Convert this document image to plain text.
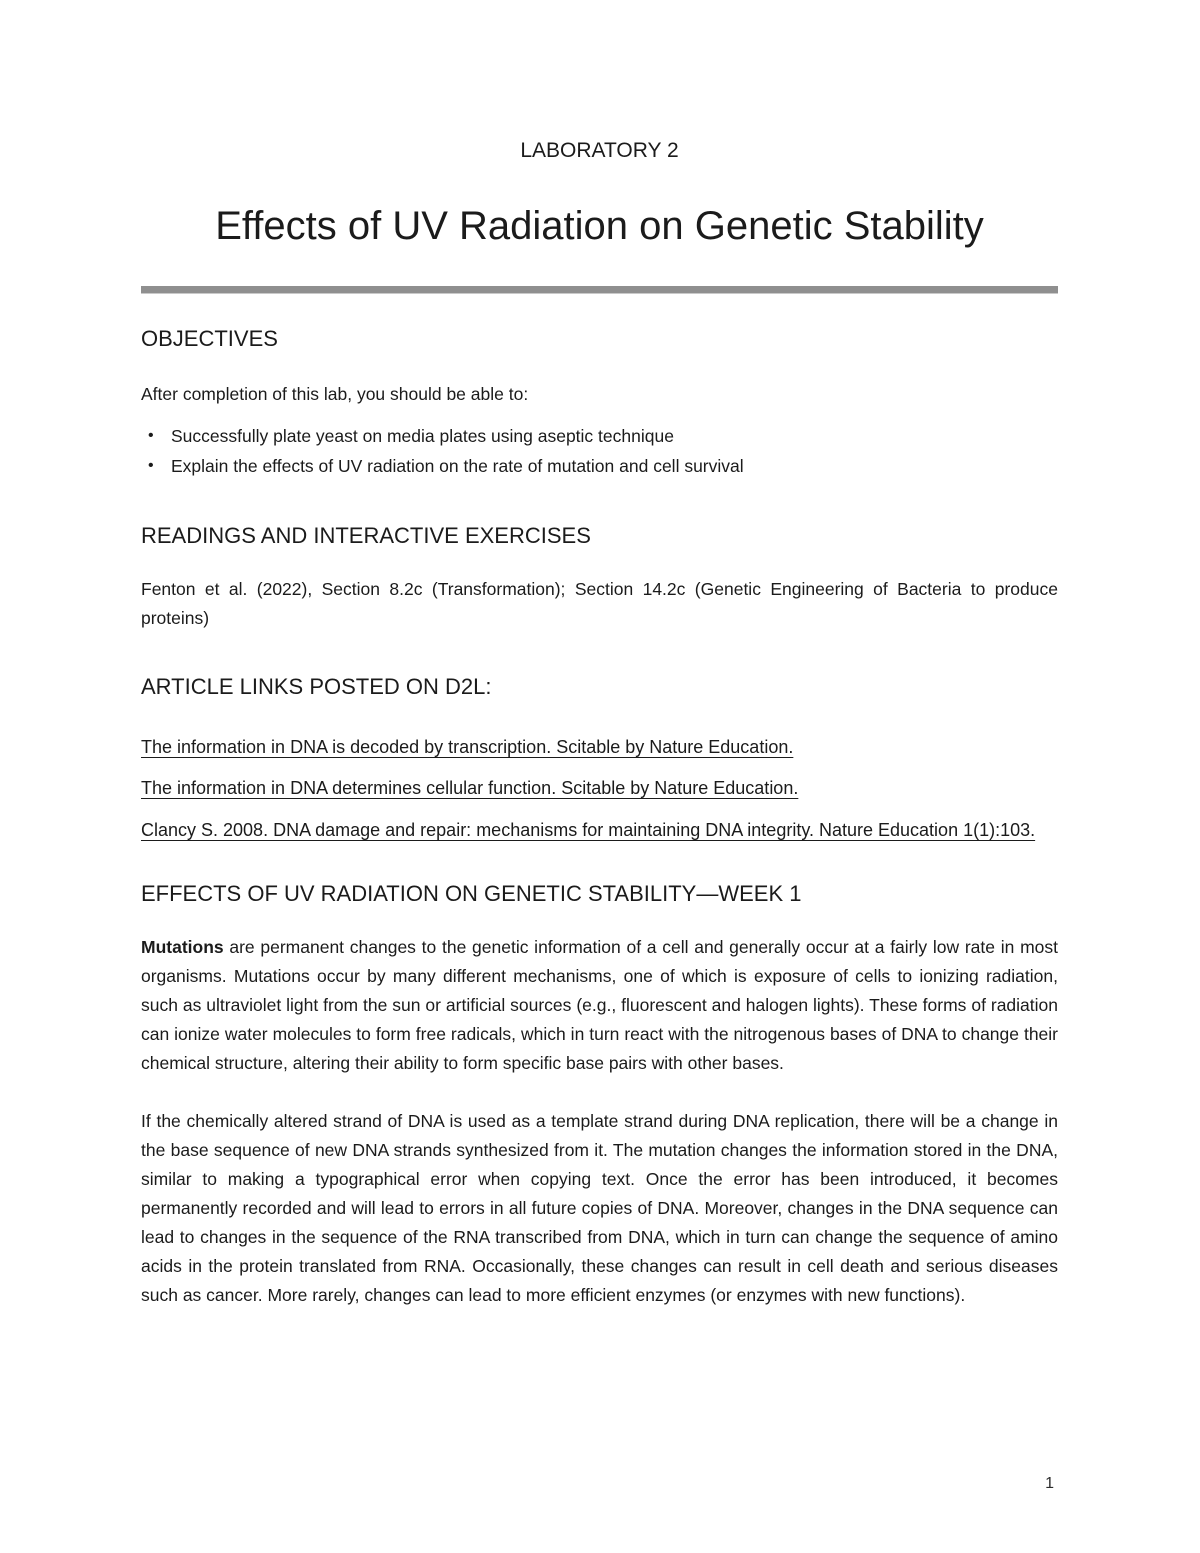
LABORATORY 2
Effects of UV Radiation on Genetic Stability
OBJECTIVES

After completion of this lab, you should be able to:

• Successfully plate yeast on media plates using aseptic technique
• Explain the effects of UV radiation on the rate of mutation and cell survival
READINGS AND INTERACTIVE EXERCISES

Fenton et al. (2022), Section 8.2c (Transformation); Section 14.2c (Genetic Engineering of Bacteria to produce proteins)

ARTICLE LINKS POSTED ON D2L:
The information in DNA is decoded by transcription. Scitable by Nature Education.
The information in DNA determines cellular function. Scitable by Nature Education.
Clancy S. 2008. DNA damage and repair: mechanisms for maintaining DNA integrity. Nature Education 1(1):103.
EFFECTS OF UV RADIATION ON GENETIC STABILITY—WEEK 1

Mutations are permanent changes to the genetic information of a cell and generally occur at a fairly low rate in most organisms. Mutations occur by many different mechanisms, one of which is exposure of cells to ionizing radiation, such as ultraviolet light from the sun or artificial sources (e.g., fluorescent and halogen lights). These forms of radiation can ionize water molecules to form free radicals, which in turn react with the nitrogenous bases of DNA to change their chemical structure, altering their ability to form specific base pairs with other bases.

If the chemically altered strand of DNA is used as a template strand during DNA replication, there will be a change in the base sequence of new DNA strands synthesized from it. The mutation changes the information stored in the DNA, similar to making a typographical error when copying text. Once the error has been introduced, it becomes permanently recorded and will lead to errors in all future copies of DNA. Moreover, changes in the DNA sequence can lead to changes in the sequence of the RNA transcribed from DNA, which in turn can change the sequence of amino acids in the protein translated from RNA. Occasionally, these changes can result in cell death and serious diseases such as cancer. More rarely, changes can lead to more efficient enzymes (or enzymes with new functions).

1
